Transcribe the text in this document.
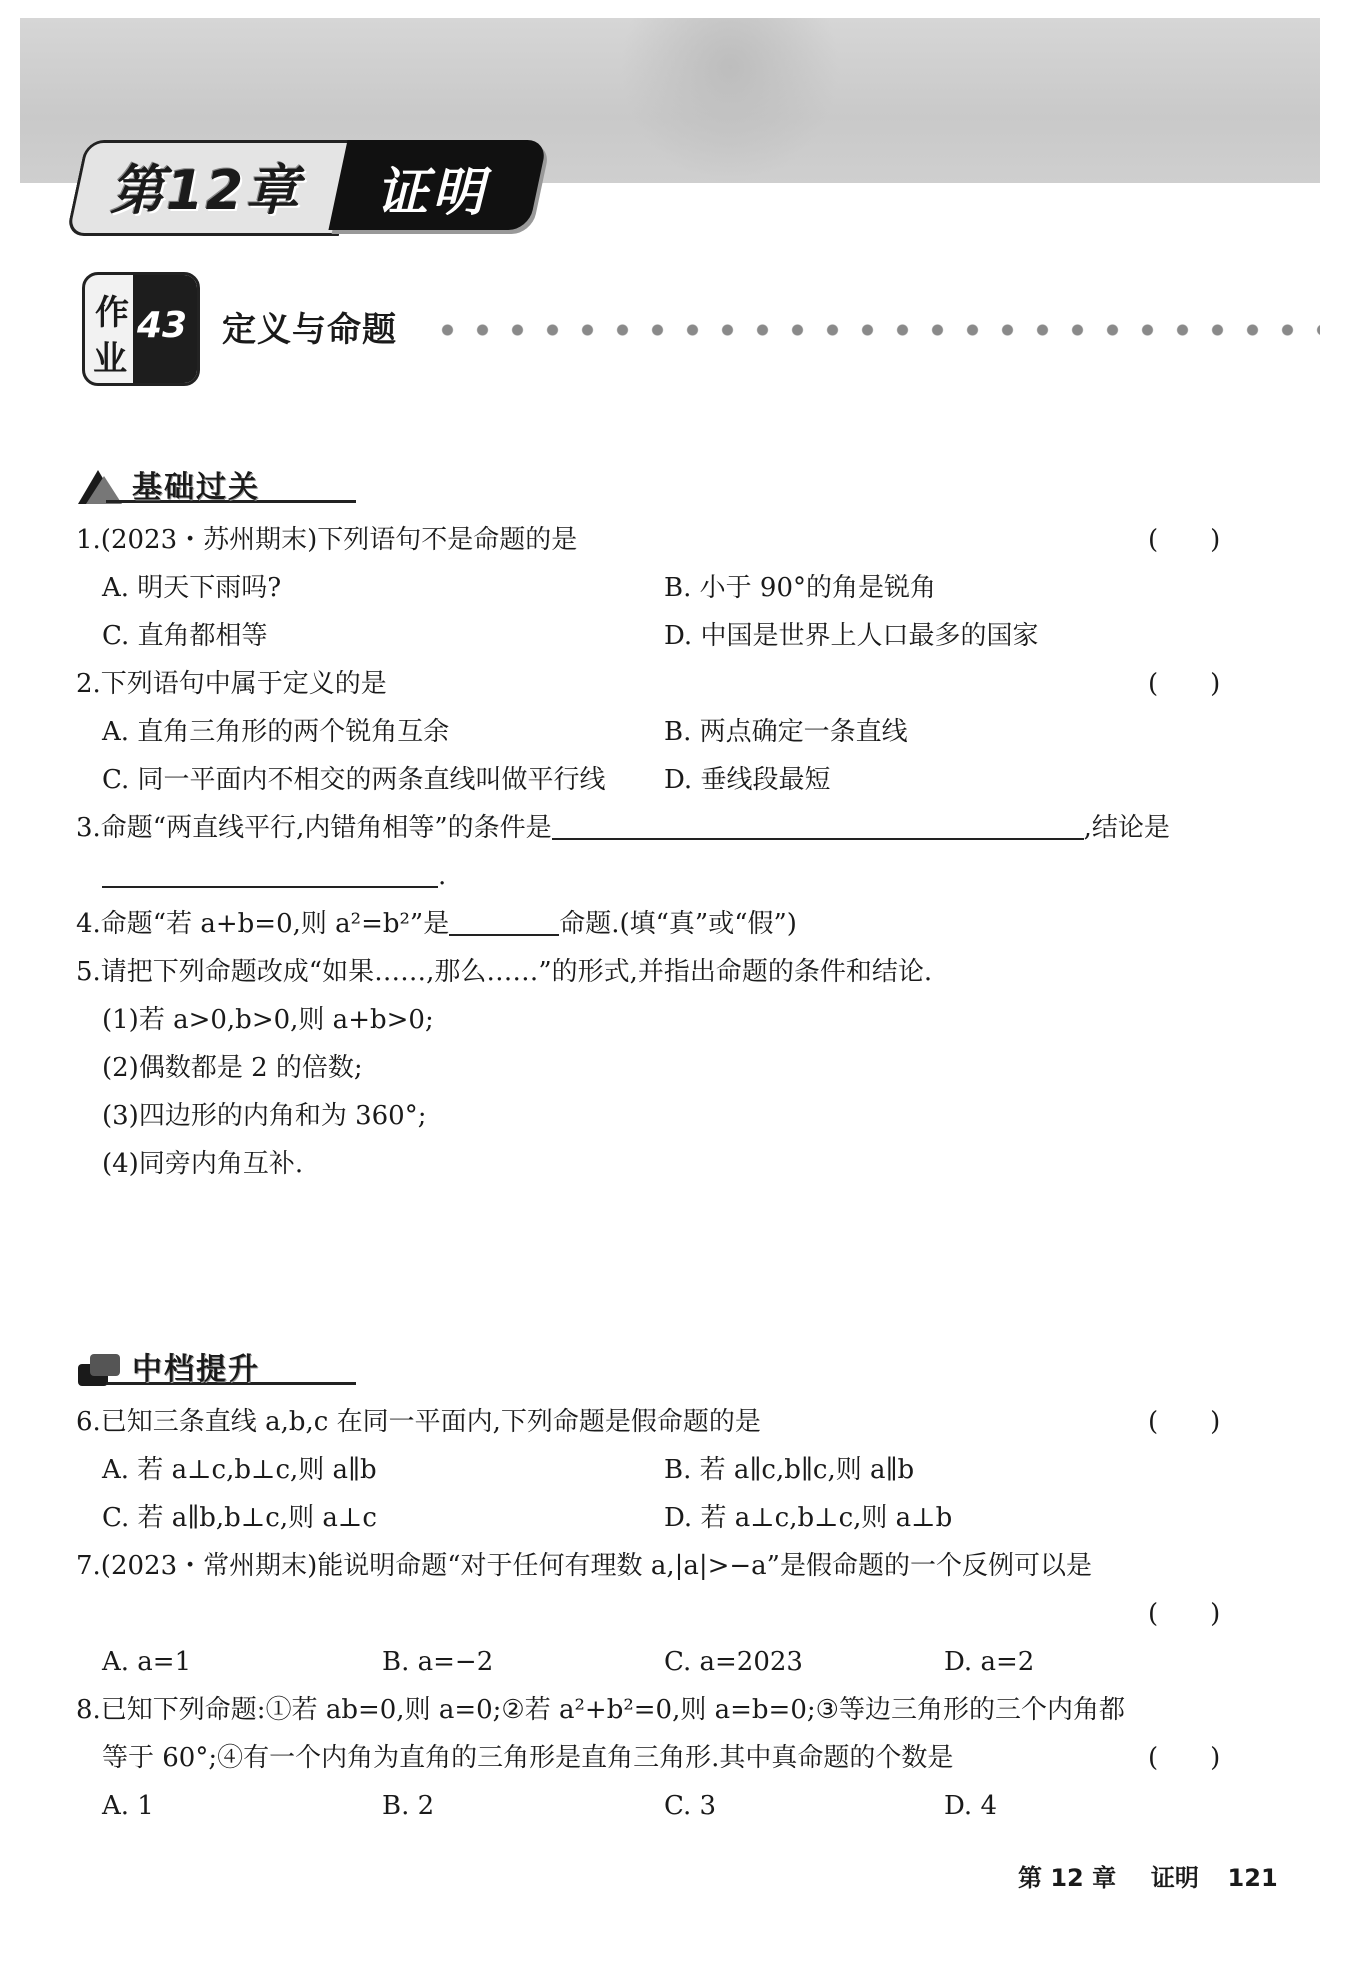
第12章 证明
作
业
43 定义与命题
基础过关
1.(2023・苏州期末)下列语句不是命题的是	(　　)
A. 明天下雨吗?	B. 小于 90°的角是锐角
C. 直角都相等	D. 中国是世界上人口最多的国家
2.下列语句中属于定义的是	(　　)
A. 直角三角形的两个锐角互余	B. 两点确定一条直线
C. 同一平面内不相交的两条直线叫做平行线 D. 垂线段最短
3.命题“两直线平行,内错角相等”的条件是	,结论是
.
4.命题“若 a+b=0,则 a²=b²”是	命题.(填“真”或“假”)
5.请把下列命题改成“如果……,那么……”的形式,并指出命题的条件和结论.
(1)若 a>0,b>0,则 a+b>0;
(2)偶数都是 2 的倍数;
(3)四边形的内角和为 360°;
(4)同旁内角互补.
中档提升
6.已知三条直线 a,b,c 在同一平面内,下列命题是假命题的是	(　　)
A. 若 a⊥c,b⊥c,则 a∥b	B. 若 a∥c,b∥c,则 a∥b
C. 若 a∥b,b⊥c,则 a⊥c	D. 若 a⊥c,b⊥c,则 a⊥b
7.(2023・常州期末)能说明命题“对于任何有理数 a,|a|>−a”是假命题的一个反例可以是
(　　)
A. a=1	B. a=−2	C. a=2023	D. a=2
8.已知下列命题:①若 ab=0,则 a=0;②若 a²+b²=0,则 a=b=0;③等边三角形的三个内角都
等于 60°;④有一个内角为直角的三角形是直角三角形.其中真命题的个数是	(　　)
A. 1	B. 2	C. 3	D. 4
第 12 章 证明 121
